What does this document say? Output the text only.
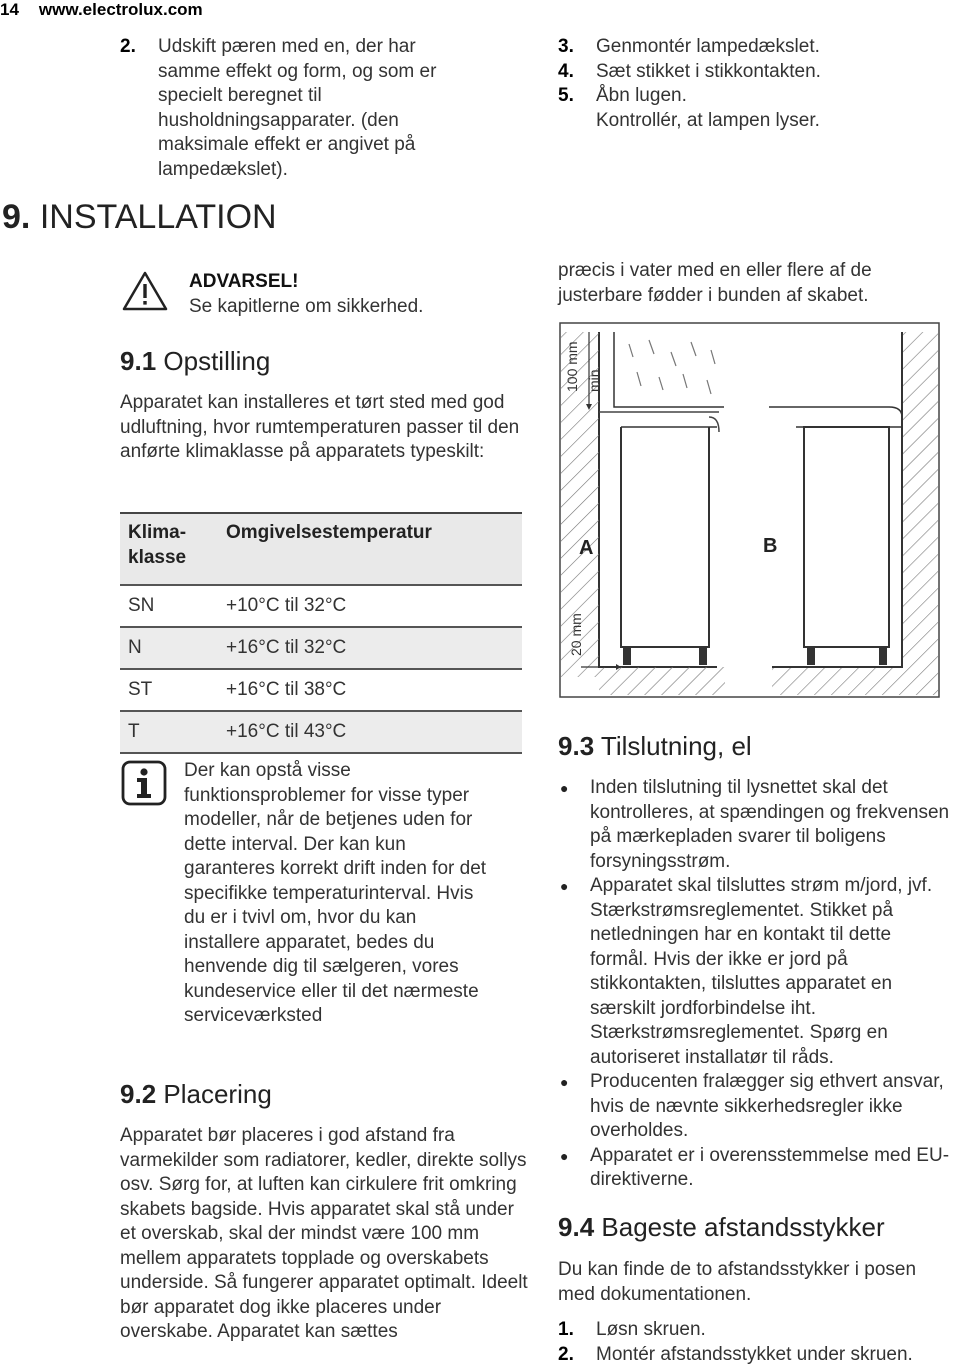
14 www.electrolux.com
2. Udskift pæren med en, der har samme effekt og form, og som er specielt beregnet til husholdningsapparater. (den maksimale effekt er angivet på lampedækslet).
3. Genmontér lampedækslet.
4. Sæt stikket i stikkontakten.
5. Åbn lugen.
Kontrollér, at lampen lyser.
9. INSTALLATION
ADVARSEL!
Se kapitlerne om sikkerhed.
9.1 Opstilling
Apparatet kan installeres et tørt sted med god udluftning, hvor rumtemperaturen passer til den anførte klimaklasse på apparatets typeskilt:
Klima-
klasse	Omgivelsestemperatur
SN	+10°C til 32°C
N	+16°C til 32°C
ST	+16°C til 38°C
T	+16°C til 43°C
Der kan opstå visse funktionsproblemer for visse typer modeller, når de betjenes uden for dette interval. Der kan kun garanteres korrekt drift inden for det specifikke temperaturinterval. Hvis du er i tvivl om, hvor du kan installere apparatet, bedes du henvende dig til sælgeren, vores kundeservice eller til det nærmeste serviceværksted
9.2 Placering
Apparatet bør placeres i god afstand fra varmekilder som radiatorer, kedler, direkte sollys osv. Sørg for, at luften kan cirkulere frit omkring skabets bagside. Hvis apparatet skal stå under et overskab, skal der mindst være 100 mm mellem apparatets topplade og overskabets underside. Så fungerer apparatet optimalt. Ideelt bør apparatet dog ikke placeres under overskabe. Apparatet kan sættes
præcis i vater med en eller flere af de justerbare fødder i bunden af skabet.
100 mm min
20 mm
A	B
9.3 Tilslutning, el
● Inden tilslutning til lysnettet skal det kontrolleres, at spændingen og frekvensen på mærkepladen svarer til boligens forsyningsstrøm.
● Apparatet skal tilsluttes strøm m/jord, jvf. Stærkstrømsreglementet. Stikket på netledningen har en kontakt til dette formål. Hvis der ikke er jord på stikkontakten, tilsluttes apparatet en særskilt jordforbindelse iht. Stærkstrømsreglementet. Spørg en autoriseret installatør til råds.
● Producenten fralægger sig ethvert ansvar, hvis de nævnte sikkerhedsregler ikke overholdes.
● Apparatet er i overensstemmelse med EU-direktiverne.
9.4 Bageste afstandsstykker
Du kan finde de to afstandsstykker i posen med dokumentationen.
1. Løsn skruen.
2. Montér afstandsstykket under skruen.
